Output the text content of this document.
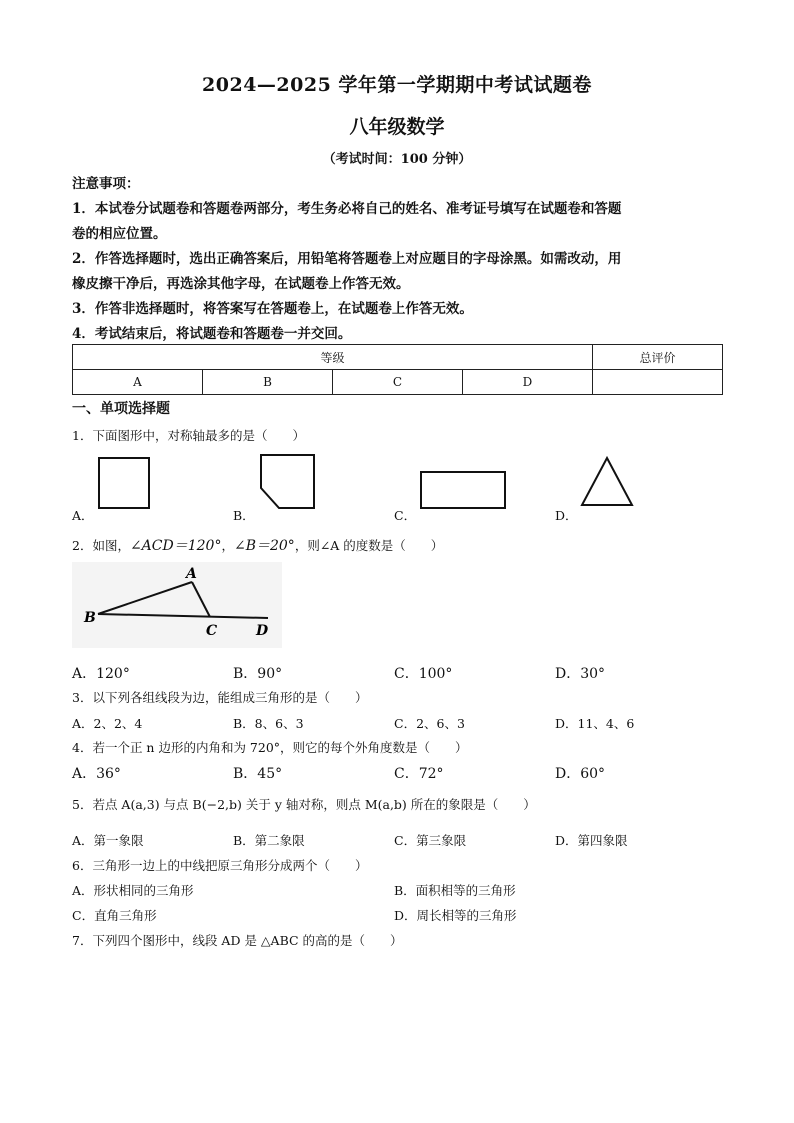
2024—2025 学年第一学期期中考试试题卷
八年级数学
（考试时间：100 分钟）

注意事项：

1．本试卷分试题卷和答题卷两部分，考生务必将自己的姓名、准考证号填写在试题卷和答题

卷的相应位置。

2．作答选择题时，选出正确答案后，用铅笔将答题卷上对应题目的字母涂黑。如需改动，用

橡皮擦干净后，再选涂其他字母，在试题卷上作答无效。

3．作答非选择题时，将答案写在答题卷上，在试题卷上作答无效。

4．考试结束后，将试题卷和答题卷一并交回。

等级				总评价
A	B	C	D	
一、单项选择题
1．下面图形中，对称轴最多的是（　　）
A．	B．	C．	D．
2．如图，∠ACD＝120°，∠B＝20°，则∠A 的度数是（　　）
A
B
C	D
A．120°	B．90°	C．100°	D．30°
3．以下列各组线段为边，能组成三角形的是（　　）
A．2、2、4	B．8、6、3	C．2、6、3	D．11、4、6
4．若一个正 n 边形的内角和为 720°，则它的每个外角度数是（　　）
A．36°	B．45°	C．72°	D．60°
5．若点 A(a,3) 与点 B(−2,b) 关于 y 轴对称，则点 M(a,b) 所在的象限是（　　）
A．第一象限	B．第二象限	C．第三象限	D．第四象限
6．三角形一边上的中线把原三角形分成两个（　　）
A．形状相同的三角形	B．面积相等的三角形
C．直角三角形	D．周长相等的三角形
7．下列四个图形中，线段 AD 是 △ABC 的高的是（　　）
